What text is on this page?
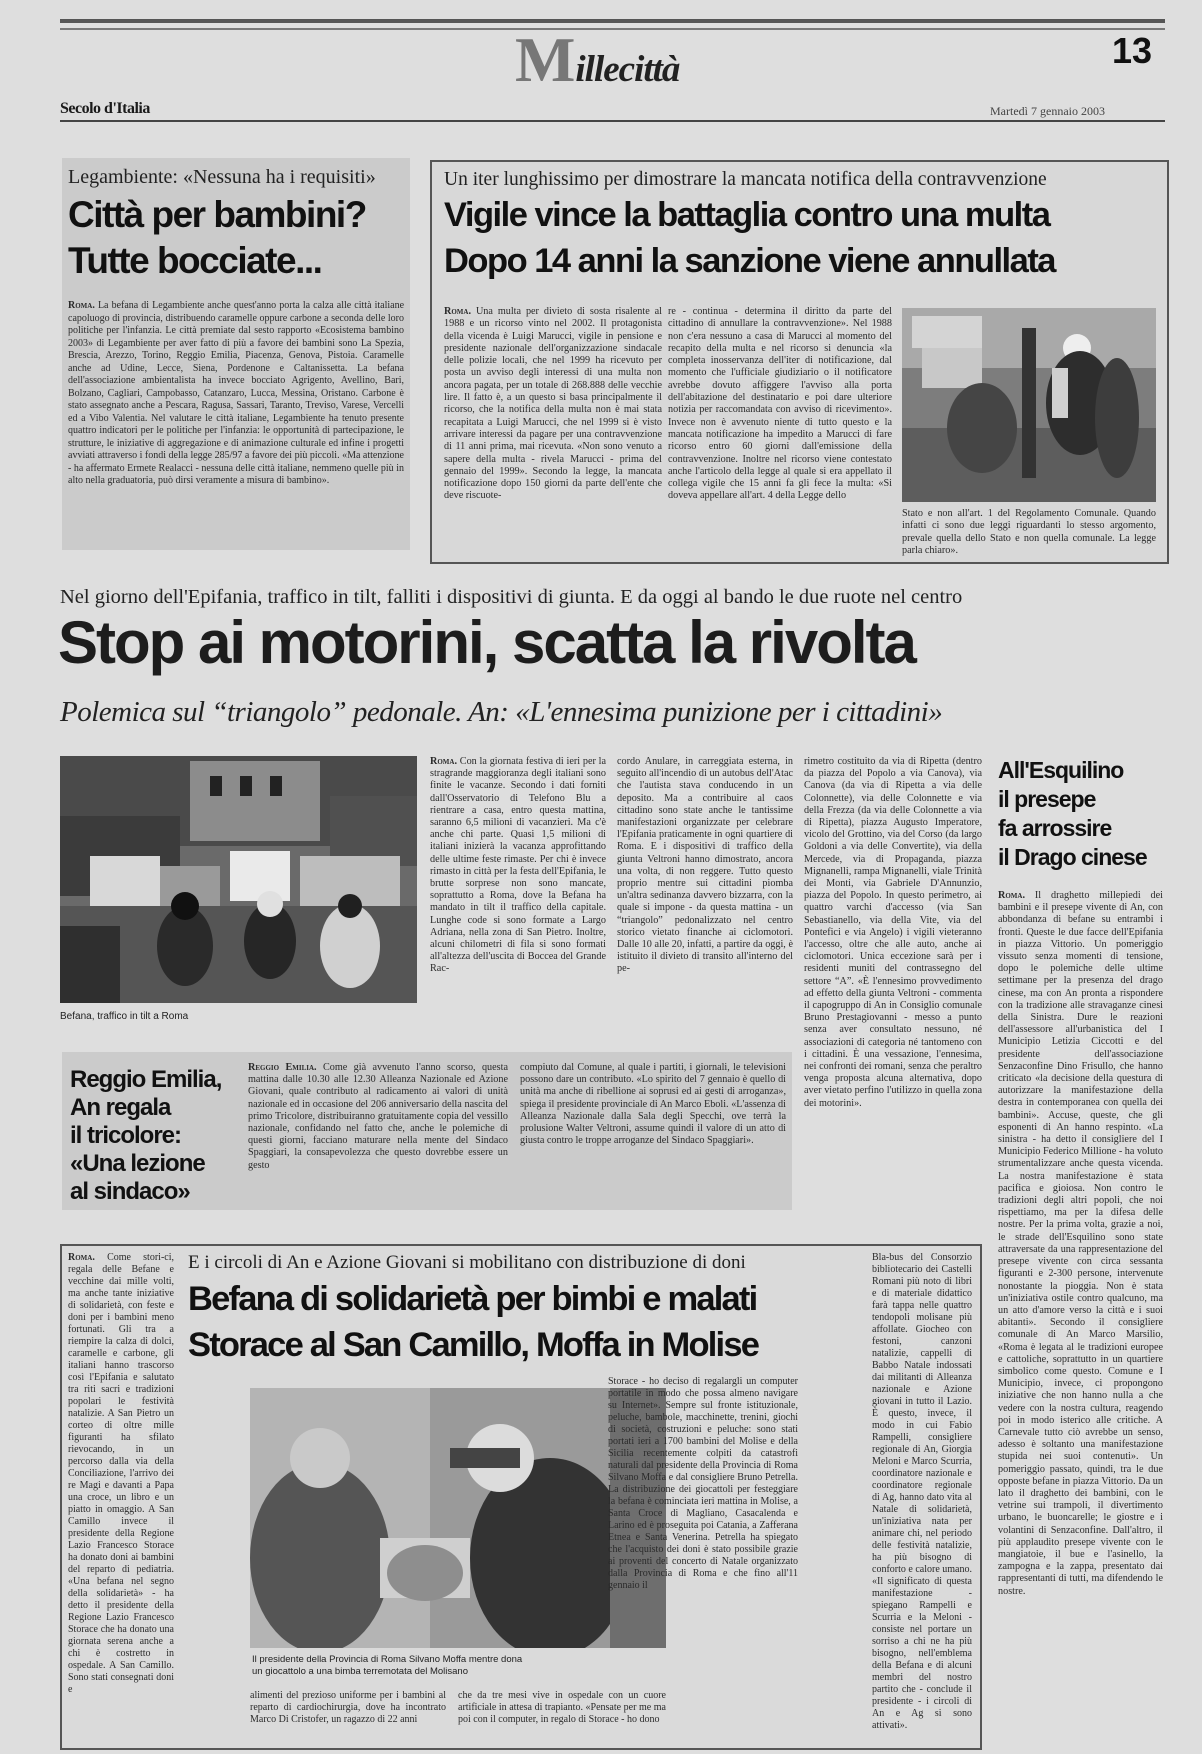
Millecittà	13
Secolo d'Italia	Martedì 7 gennaio 2003
Legambiente: «Nessuna ha i requisiti»
Città per bambini?
Tutte bocciate...

Roma. La befana di Legambiente anche quest'anno porta la calza alle città italiane capoluogo di provincia, distribuendo caramelle oppure carbone a seconda delle loro politiche per l'infanzia. Le città premiate dal sesto rapporto «Ecosistema bambino 2003» di Legambiente per aver fatto di più a favore dei bambini sono La Spezia, Brescia, Arezzo, Torino, Reggio Emilia, Piacenza, Genova, Pistoia. Caramelle anche ad Udine, Lecce, Siena, Pordenone e Caltanissetta. La befana dell'associazione ambientalista ha invece bocciato Agrigento, Avellino, Bari, Bolzano, Cagliari, Campobasso, Catanzaro, Lucca, Messina, Oristano. Carbone è stato assegnato anche a Pescara, Ragusa, Sassari, Taranto, Treviso, Varese, Vercelli ed a Vibo Valentia. Nel valutare le città italiane, Legambiente ha tenuto presente quattro indicatori per le politiche per l'infanzia: le opportunità di partecipazione, le strutture, le iniziative di aggregazione e di animazione culturale ed infine i progetti avviati attraverso i fondi della legge 285/97 a favore dei più piccoli. «Ma attenzione - ha affermato Ermete Realacci - nessuna delle città italiane, nemmeno quelle più in alto nella graduatoria, può dirsi veramente a misura di bambino».

Un iter lunghissimo per dimostrare la mancata notifica della contravvenzione
Vigile vince la battaglia contro una multa
Dopo 14 anni la sanzione viene annullata

Roma. Una multa per divieto di sosta risalente al 1988 e un ricorso vinto nel 2002. Il protagonista della vicenda è Luigi Marucci, vigile in pensione e presidente nazionale dell'organizzazione sindacale delle polizie locali, che nel 1999 ha ricevuto per posta un avviso degli interessi di una multa non ancora pagata, per un totale di 268.888 delle vecchie lire. Il fatto è, a un questo si basa principalmente il ricorso, che la notifica della multa non è mai stata recapitata a Luigi Marucci, che nel 1999 si è visto arrivare interessi da pagare per una contravvenzione di 11 anni prima, mai ricevuta. «Non sono venuto a sapere della multa - rivela Marucci - prima del gennaio del 1999». Secondo la legge, la mancata notificazione dopo 150 giorni da parte dell'ente che deve riscuote-

re - continua - determina il diritto da parte del cittadino di annullare la contravvenzione». Nel 1988 non c'era nessuno a casa di Marucci al momento del recapito della multa e nel ricorso si denuncia «la completa inosservanza dell'iter di notificazione, dal momento che l'ufficiale giudiziario o il notificatore avrebbe dovuto affiggere l'avviso alla porta dell'abitazione del destinatario e poi dare ulteriore notizia per raccomandata con avviso di ricevimento». Invece non è avvenuto niente di tutto questo e la mancata notificazione ha impedito a Marucci di fare ricorso entro 60 giorni dall'emissione della contravvenzione. Inoltre nel ricorso viene contestato anche l'articolo della legge al quale si era appellato il collega vigile che 15 anni fa gli fece la multa: «Si doveva appellare all'art. 4 della Legge dello

Stato e non all'art. 1 del Regolamento Comunale. Quando infatti ci sono due leggi riguardanti lo stesso argomento, prevale quella dello Stato e non quella comunale. La legge parla chiaro».

Nel giorno dell'Epifania, traffico in tilt, falliti i dispositivi di giunta. E da oggi al bando le due ruote nel centro
Stop ai motorini, scatta la rivolta
Polemica sul “triangolo” pedonale. An: «L'ennesima punizione per i cittadini»
Befana, traffico in tilt a Roma

Roma. Con la giornata festiva di ieri per la stragrande maggioranza degli italiani sono finite le vacanze. Secondo i dati forniti dall'Osservatorio di Telefono Blu a rientrare a casa, entro questa mattina, saranno 6,5 milioni di vacanzieri. Ma c'è anche chi parte. Quasi 1,5 milioni di italiani inizierà la vacanza approfittando delle ultime feste rimaste. Per chi è invece rimasto in città per la festa dell'Epifania, le brutte sorprese non sono mancate, soprattutto a Roma, dove la Befana ha mandato in tilt il traffico della capitale. Lunghe code si sono formate a Largo Adriana, nella zona di San Pietro. Inoltre, alcuni chilometri di fila si sono formati all'altezza dell'uscita di Boccea del Grande Rac-

cordo Anulare, in carreggiata esterna, in seguito all'incendio di un autobus dell'Atac che l'autista stava conducendo in un deposito. Ma a contribuire al caos cittadino sono state anche le tantissime manifestazioni organizzate per celebrare l'Epifania praticamente in ogni quartiere di Roma. E i dispositivi di traffico della giunta Veltroni hanno dimostrato, ancora una volta, di non reggere. Tutto questo proprio mentre sui cittadini piomba un'altra sedinanza davvero bizzarra, con la quale si impone - da questa mattina - un “triangolo” pedonalizzato nel centro storico vietato finanche ai ciclomotori. Dalle 10 alle 20, infatti, a partire da oggi, è istituito il divieto di transito all'interno del pe-

rimetro costituito da via di Ripetta (dentro da piazza del Popolo a via Canova), via Canova (da via di Ripetta a via delle Colonnette), via delle Colonnette e via della Frezza (da via delle Colonnette a via di Ripetta), piazza Augusto Imperatore, vicolo del Grottino, via del Corso (da largo Goldoni a via delle Convertite), via della Mercede, via di Propaganda, piazza Mignanelli, rampa Mignanelli, viale Trinità dei Monti, via Gabriele D'Annunzio, piazza del Popolo. In questo perimetro, ai quattro varchi d'accesso (via San Sebastianello, via della Vite, via del Pontefici e via Angelo) i vigili vieteranno l'accesso, oltre che alle auto, anche ai ciclomotori. Unica eccezione sarà per i residenti muniti del contrassegno del settore “A”. «È l'ennesimo provvedimento ad effetto della giunta Veltroni - commenta il capogruppo di An in Consiglio comunale Bruno Prestagiovanni - messo a punto senza aver consultato nessuno, né associazioni di categoria né tantomeno con i cittadini. È una vessazione, l'ennesima, nei confronti dei romani, senza che peraltro venga proposta alcuna alternativa, dopo aver vietato perfino l'utilizzo in quella zona dei motorini».

Reggio Emilia,
An regala
il tricolore:
«Una lezione
al sindaco»

Reggio Emilia. Come già avvenuto l'anno scorso, questa mattina dalle 10.30 alle 12.30 Alleanza Nazionale ed Azione Giovani, quale contributo al radicamento ai valori di unità nazionale ed in occasione del 206 anniversario della nascita del primo Tricolore, distribuiranno gratuitamente copia del vessillo nazionale, confidando nel fatto che, anche le polemiche di questi giorni, facciano maturare nella mente del Sindaco Spaggiari, la consapevolezza che questo dovrebbe essere un gesto

compiuto dal Comune, al quale i partiti, i giornali, le televisioni possono dare un contributo. «Lo spirito del 7 gennaio è quello di unità ma anche di ribellione ai soprusi ed ai gesti di arroganza», spiega il presidente provinciale di An Marco Eboli. «L'assenza di Alleanza Nazionale dalla Sala degli Specchi, ove terrà la prolusione Walter Veltroni, assume quindi il valore di un atto di giusta contro le troppe arroganze del Sindaco Spaggiari».

All'Esquilino
il presepe
fa arrossire
il Drago cinese

Roma. Il draghetto millepiedi dei bambini e il presepe vivente di An, con abbondanza di befane su entrambi i fronti. Queste le due facce dell'Epifania in piazza Vittorio. Un pomeriggio vissuto senza momenti di tensione, dopo le polemiche delle ultime settimane per la presenza del drago cinese, ma con An pronta a rispondere con la tradizione alle stravaganze cinesi della Sinistra. Dure le reazioni dell'assessore all'urbanistica del I Municipio Letizia Ciccotti e del presidente dell'associazione Senzaconfine Dino Frisullo, che hanno criticato «la decisione della questura di autorizzare la manifestazione della destra in contemporanea con quella dei bambini». Accuse, queste, che gli esponenti di An hanno respinto. «La sinistra - ha detto il consigliere del I Municipio Federico Millione - ha voluto strumentalizzare anche questa vicenda. La nostra manifestazione è stata pacifica e gioiosa. Non contro le tradizioni degli altri popoli, che noi rispettiamo, ma per la difesa delle nostre. Per la prima volta, grazie a noi, le strade dell'Esquilino sono state attraversate da una rappresentazione del presepe vivente con circa sessanta figuranti e 2-300 persone, intervenute nonostante la pioggia. Non è stata un'iniziativa ostile contro qualcuno, ma un atto d'amore verso la città e i suoi abitanti». Secondo il consigliere comunale di An Marco Marsilio, «Roma è legata al le tradizioni europee e cattoliche, soprattutto in un quartiere simbolico come questo. Comune e I Municipio, invece, ci propongono iniziative che non hanno nulla a che vedere con la nostra cultura, reagendo poi in modo isterico alle critiche. A Carnevale tutto ciò avrebbe un senso, adesso è soltanto una manifestazione stupida nei suoi contenuti». Un pomeriggio passato, quindi, tra le due opposte befane in piazza Vittorio. Da un lato il draghetto dei bambini, con le vetrine sui trampoli, il divertimento urbano, le buoncarelle; le giostre e i volantini di Senzaconfine. Dall'altro, il più applaudito presepe vivente con le mangiatoie, il bue e l'asinello, la zampogna e la zappa, presentato dai rappresentanti di tutti, ma difendendo le nostre.

Roma. Come stori-ci, regala delle Befane e vecchine dai mille volti, ma anche tante iniziative di solidarietà, con feste e doni per i bambini meno fortunati. Gli tra a riempire la calza di dolci, caramelle e carbone, gli italiani hanno trascorso così l'Epifania e salutato tra riti sacri e tradizioni popolari le festività natalizie. A San Pietro un corteo di oltre mille figuranti ha sfilato rievocando, in un percorso dalla via della Conciliazione, l'arrivo dei re Magi e davanti a Papa una croce, un libro e un piatto in omaggio. A San Camillo invece il presidente della Regione Lazio Francesco Storace ha donato doni ai bambini del reparto di pediatria. «Una befana nel segno della solidarietà» - ha detto il presidente della Regione Lazio Francesco Storace che ha donato una giornata serena anche a chi è costretto in ospedale. A San Camillo. Sono stati consegnati doni e

E i circoli di An e Azione Giovani si mobilitano con distribuzione di doni
Befana di solidarietà per bimbi e malati
Storace al San Camillo, Moffa in Molise
Il presidente della Provincia di Roma Silvano Moffa mentre dona
un giocattolo a una bimba terremotata del Molisano

alimenti del prezioso uniforme per i bambini al reparto di cardiochirurgia, dove ha incontrato Marco Di Cristofer, un ragazzo di 22 anni

che da tre mesi vive in ospedale con un cuore artificiale in attesa di trapianto. «Pensate per me ma poi con il computer, in regalo di Storace - ho dono

Bla-bus del Consorzio bibliotecario dei Castelli Romani più noto di libri e di materiale didattico farà tappa nelle quattro tendopoli molisane più affollate. Giocheo con festoni, canzoni natalizie, cappelli di Babbo Natale indossati dai militanti di Alleanza nazionale e Azione giovani in tutto il Lazio. È questo, invece, il modo in cui Fabio Rampelli, consigliere regionale di An, Giorgia Meloni e Marco Scurria, coordinatore nazionale e coordinatore regionale di Ag, hanno dato vita al Natale di solidarietà, un'iniziativa nata per animare chi, nel periodo delle festività natalizie, ha più bisogno di conforto e calore umano. «Il significato di questa manifestazione - spiegano Rampelli e Scurria e la Meloni - consiste nel portare un sorriso a chi ne ha più bisogno, nell'emblema della Befana e di alcuni membri del nostro partito che - conclude il presidente - i circoli di An e Ag si sono attivati».

Storace - ho deciso di regalargli un computer portatile in modo che possa almeno navigare su Internet». Sempre sul fronte istituzionale, peluche, bambole, macchinette, trenini, giochi di società, costruzioni e peluche: sono stati portati ieri a 1700 bambini del Molise e della Sicilia recentemente colpiti da catastrofi naturali dal presidente della Provincia di Roma Silvano Moffa e dal consigliere Bruno Petrella. La distribuzione dei giocattoli per festeggiare la befana è cominciata ieri mattina in Molise, a Santa Croce di Magliano, Casacalenda e Larino ed è proseguita poi Catania, a Zafferana Etnea e Santa Venerina. Petrella ha spiegato che l'acquisto dei doni è stato possibile grazie ai proventi del concerto di Natale organizzato dalla Provincia di Roma e che fino all'11 gennaio il
